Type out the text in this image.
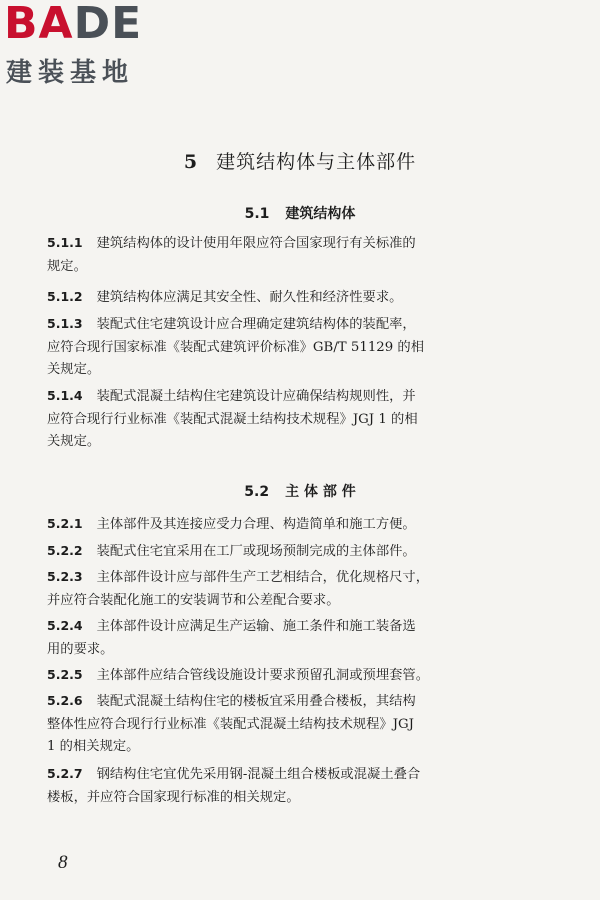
BADE
建装基地
5 建筑结构体与主体部件
5.1 建筑结构体
5.1.1 建筑结构体的设计使用年限应符合国家现行有关标准的
规定。
5.1.2 建筑结构体应满足其安全性、耐久性和经济性要求。
5.1.3 装配式住宅建筑设计应合理确定建筑结构体的装配率，
应符合现行国家标准《装配式建筑评价标准》GB/T 51129 的相
关规定。
5.1.4 装配式混凝土结构住宅建筑设计应确保结构规则性，并
应符合现行行业标准《装配式混凝土结构技术规程》JGJ 1 的相
关规定。
5.2 主 体 部 件
5.2.1 主体部件及其连接应受力合理、构造简单和施工方便。
5.2.2 装配式住宅宜采用在工厂或现场预制完成的主体部件。
5.2.3 主体部件设计应与部件生产工艺相结合，优化规格尺寸，
并应符合装配化施工的安装调节和公差配合要求。
5.2.4 主体部件设计应满足生产运输、施工条件和施工装备选
用的要求。
5.2.5 主体部件应结合管线设施设计要求预留孔洞或预埋套管。
5.2.6 装配式混凝土结构住宅的楼板宜采用叠合楼板，其结构
整体性应符合现行行业标准《装配式混凝土结构技术规程》JGJ
1 的相关规定。
5.2.7 钢结构住宅宜优先采用钢-混凝土组合楼板或混凝土叠合
楼板，并应符合国家现行标准的相关规定。
8
